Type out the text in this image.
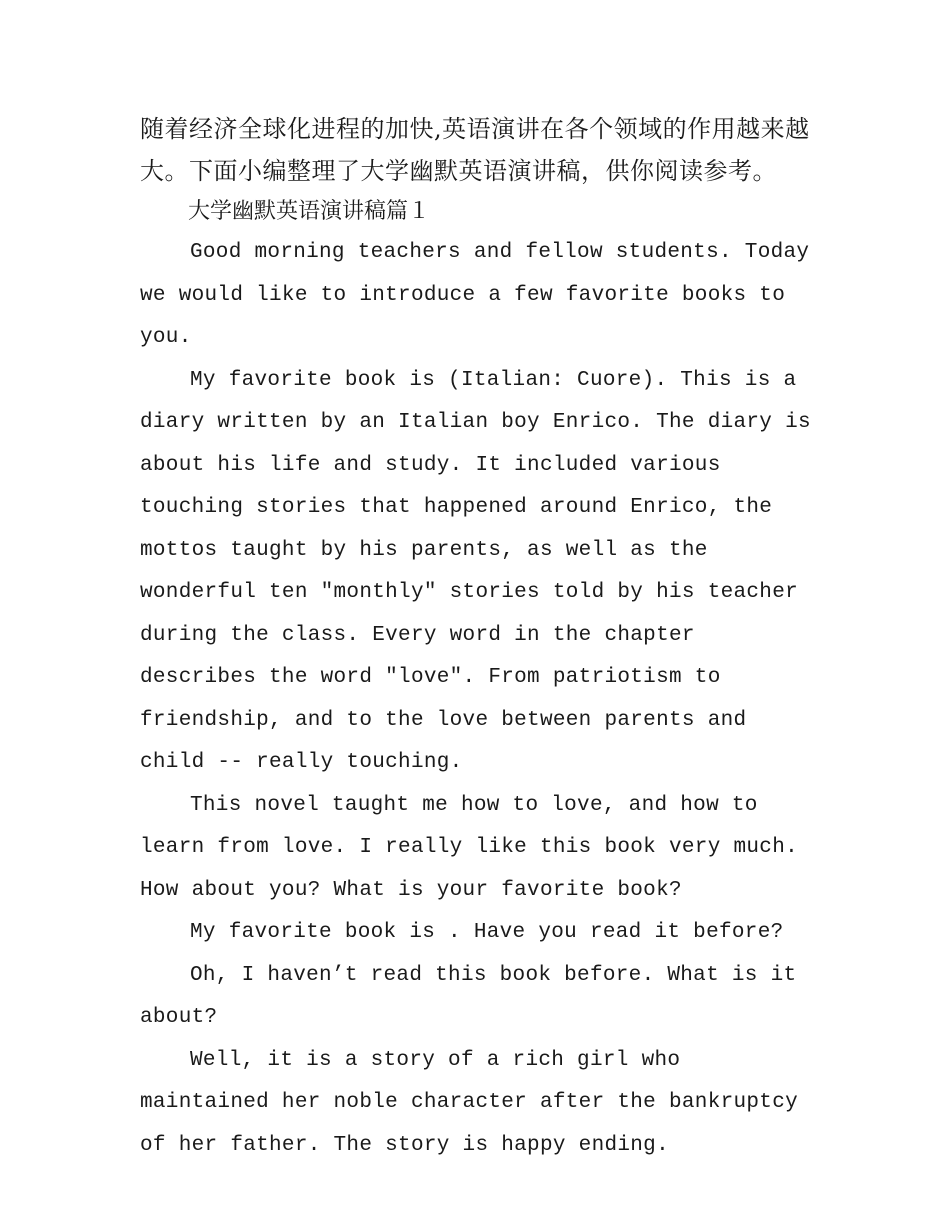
随着经济全球化进程的加快,英语演讲在各个领域的作用越来越大。下面小编整理了大学幽默英语演讲稿，供你阅读参考。

大学幽默英语演讲稿篇１

Good morning teachers and fellow students. Today we would like to introduce a few favorite books to you.

My favorite book is (Italian: Cuore). This is a diary written by an Italian boy Enrico. The diary is about his life and study. It included various touching stories that happened around Enrico, the mottos taught by his parents, as well as the wonderful ten "monthly" stories told by his teacher during the class. Every word in the chapter describes the word "love". From patriotism to friendship, and to the love between parents and child -- really touching.

This novel taught me how to love, and how to learn from love. I really like this book very much. How about you? What is your favorite book?

My favorite book is . Have you read it before?

Oh, I haven’t read this book before. What is it about?

Well, it is a story of a rich girl who maintained her noble character after the bankruptcy of her father. The story is happy ending.
